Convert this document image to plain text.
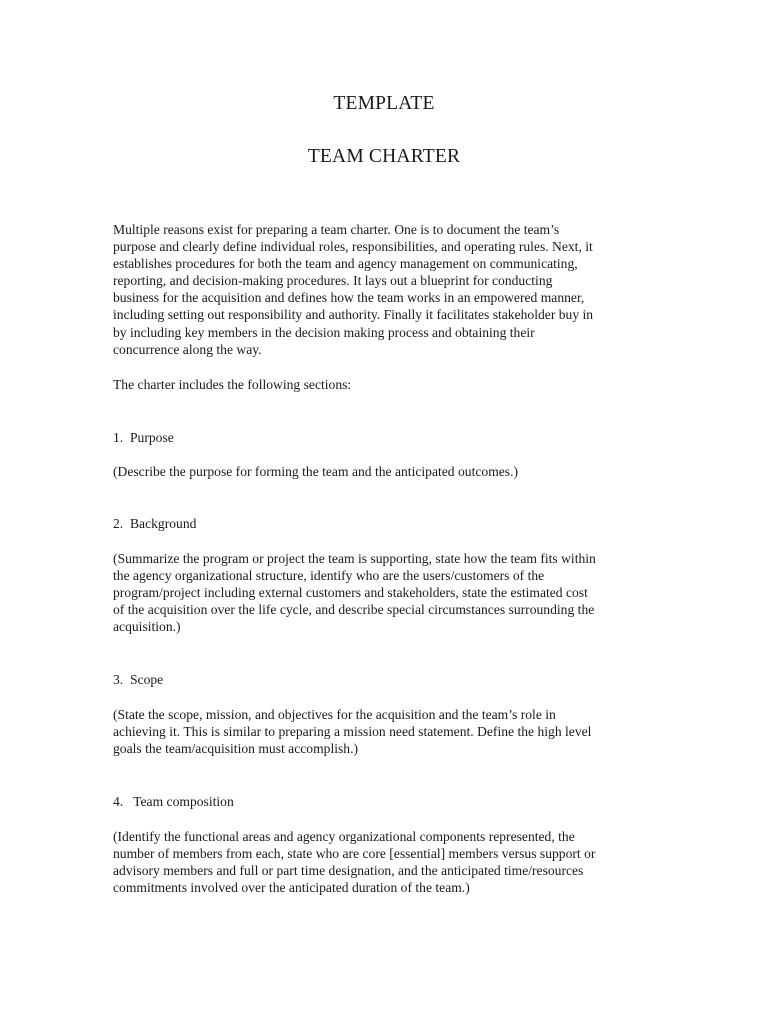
TEMPLATE
TEAM CHARTER

Multiple reasons exist for preparing a team charter. One is to document the team’s
purpose and clearly define individual roles, responsibilities, and operating rules. Next, it
establishes procedures for both the team and agency management on communicating,
reporting, and decision-making procedures. It lays out a blueprint for conducting
business for the acquisition and defines how the team works in an empowered manner,
including setting out responsibility and authority. Finally it facilitates stakeholder buy in
by including key members in the decision making process and obtaining their
concurrence along the way.

The charter includes the following sections:

1.  Purpose

(Describe the purpose for forming the team and the anticipated outcomes.)

2.  Background

(Summarize the program or project the team is supporting, state how the team fits within
the agency organizational structure, identify who are the users/customers of the
program/project including external customers and stakeholders, state the estimated cost
of the acquisition over the life cycle, and describe special circumstances surrounding the
acquisition.)

3.  Scope

(State the scope, mission, and objectives for the acquisition and the team’s role in
achieving it. This is similar to preparing a mission need statement. Define the high level
goals the team/acquisition must accomplish.)

4.   Team composition

(Identify the functional areas and agency organizational components represented, the
number of members from each, state who are core [essential] members versus support or
advisory members and full or part time designation, and the anticipated time/resources
commitments involved over the anticipated duration of the team.)
